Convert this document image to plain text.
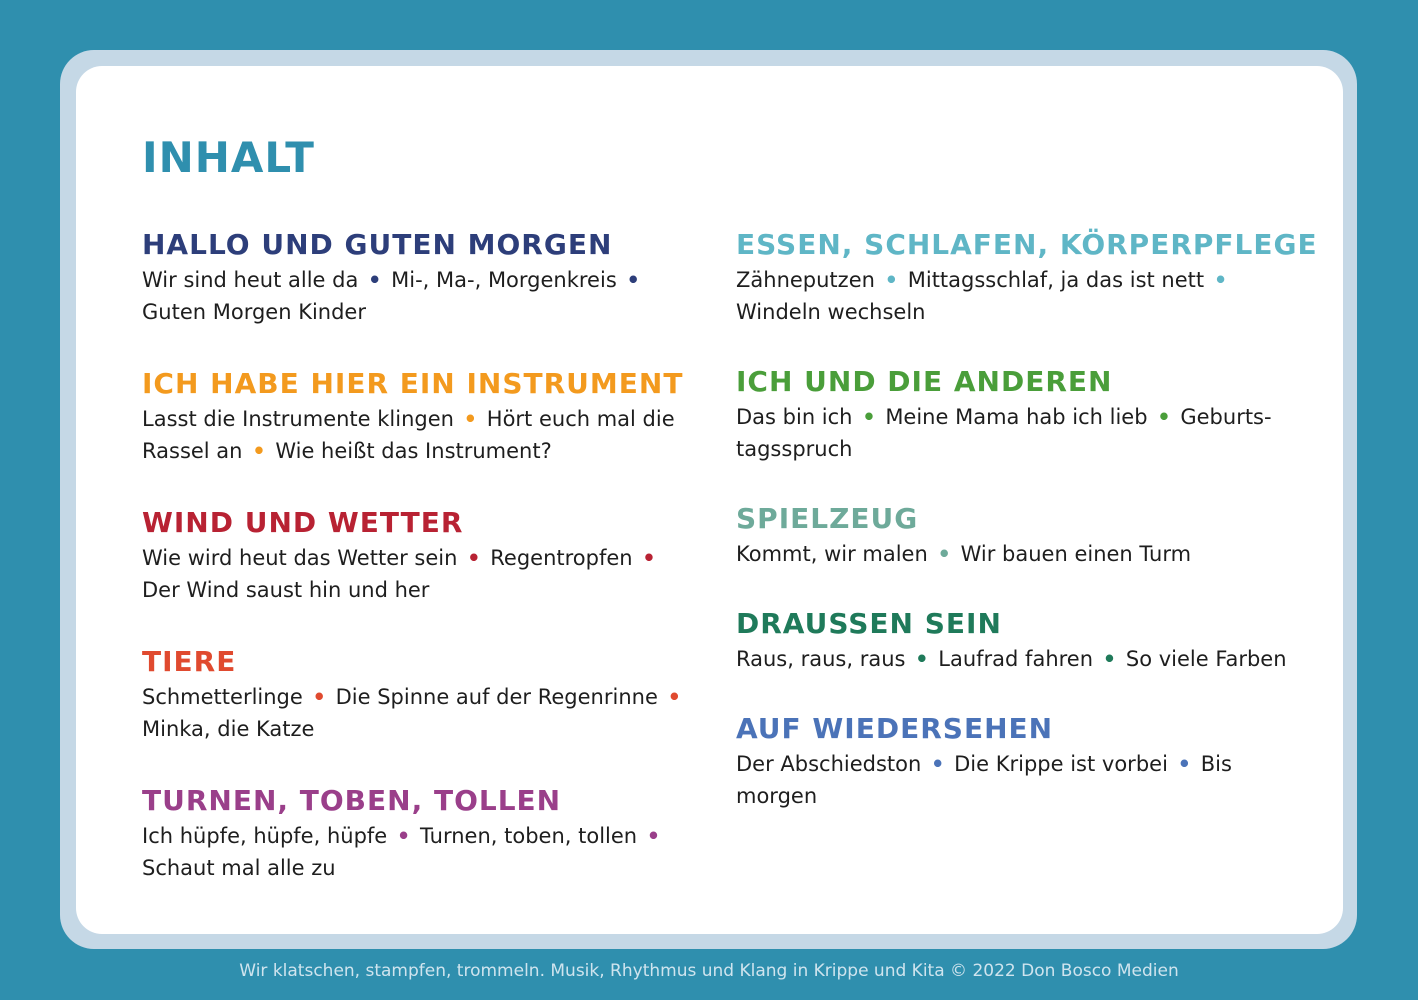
INHALT
HALLO UND GUTEN MORGEN

Wir sind heut alle da • Mi-, Ma-, Morgenkreis • Guten Morgen Kinder

ICH HABE HIER EIN INSTRUMENT

Lasst die Instrumente klingen • Hört euch mal die Rassel an • Wie heißt das Instrument?

WIND UND WETTER

Wie wird heut das Wetter sein • Regentropfen • Der Wind saust hin und her

TIERE

Schmetterlinge • Die Spinne auf der Regenrinne • Minka, die Katze

TURNEN, TOBEN, TOLLEN

Ich hüpfe, hüpfe, hüpfe • Turnen, toben, tollen • Schaut mal alle zu

ESSEN, SCHLAFEN, KÖRPERPFLEGE

Zähneputzen • Mittagsschlaf, ja das ist nett • Windeln wechseln

ICH UND DIE ANDEREN

Das bin ich • Meine Mama hab ich lieb • Geburts-tagsspruch

SPIELZEUG

Kommt, wir malen • Wir bauen einen Turm

DRAUSSEN SEIN

Raus, raus, raus • Laufrad fahren • So viele Farben

AUF WIEDERSEHEN

Der Abschiedston • Die Krippe ist vorbei • Bis morgen

Wir klatschen, stampfen, trommeln. Musik, Rhythmus und Klang in Krippe und Kita © 2022 Don Bosco Medien
